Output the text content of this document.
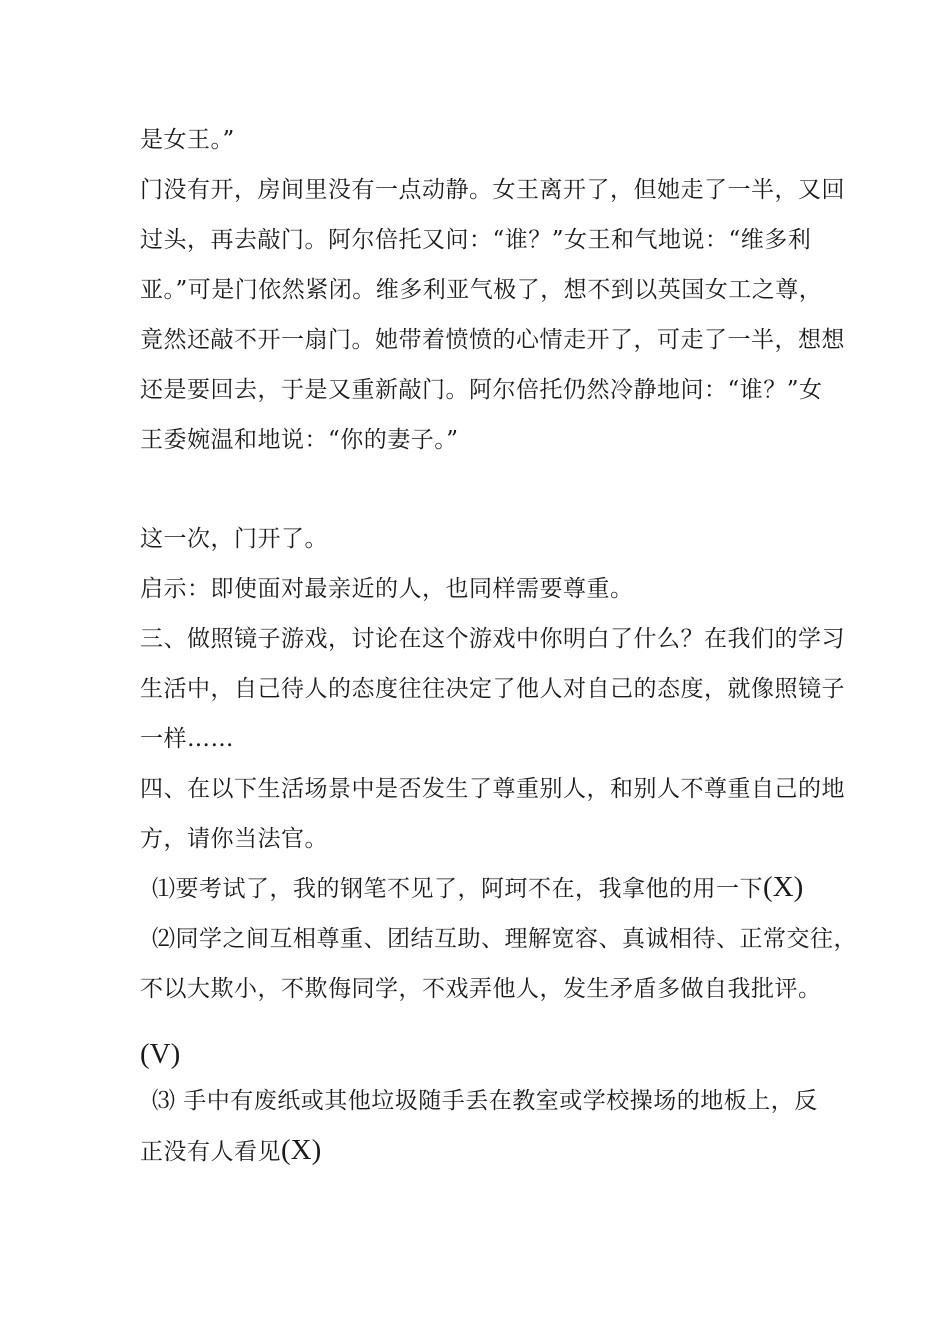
是女王。”
门没有开，房间里没有一点动静。女王离开了，但她走了一半，又回
过头，再去敲门。阿尔倍托又问：“谁？”女王和气地说：“维多利
亚。”可是门依然紧闭。维多利亚气极了，想不到以英国女工之尊，
竟然还敲不开一扇门。她带着愤愤的心情走开了，可走了一半，想想
还是要回去，于是又重新敲门。阿尔倍托仍然冷静地问：“谁？”女
王委婉温和地说：“你的妻子。”
这一次，门开了。
启示：即使面对最亲近的人，也同样需要尊重。
三、做照镜子游戏，讨论在这个游戏中你明白了什么？在我们的学习
生活中，自己待人的态度往往决定了他人对自己的态度，就像照镜子
一样……
四、在以下生活场景中是否发生了尊重别人，和别人不尊重自己的地
方，请你当法官。
⑴要考试了，我的钢笔不见了，阿珂不在，我拿他的用一下(X)
⑵同学之间互相尊重、团结互助、理解宽容、真诚相待、正常交往，
不以大欺小，不欺侮同学，不戏弄他人，发生矛盾多做自我批评。
(V)
⑶ 手中有废纸或其他垃圾随手丢在教室或学校操场的地板上，反
正没有人看见(X)
